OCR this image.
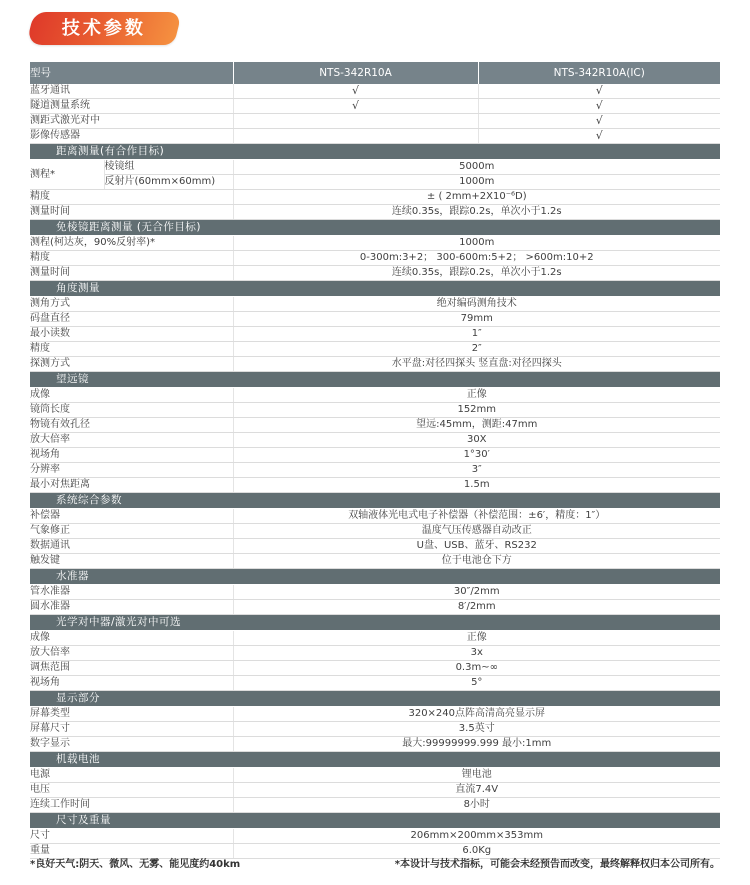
技术参数
型号		NTS-342R10A	NTS-342R10A(IC)
蓝牙通讯		√	√
隧道测量系统		√	√
测距式激光对中			√
影像传感器			√
距离测量(有合作目标)			
测程*	棱镜组	5000m	
	反射片(60mm×60mm)	1000m	
精度		± ( 2mm+2X10⁻⁶D)	
测量时间		连续0.35s，跟踪0.2s，单次小于1.2s	
免棱镜距离测量 (无合作目标)			
测程(柯达灰，90%反射率)*		1000m	
精度		0-300m:3+2； 300-600m:5+2； >600m:10+2	
测量时间		连续0.35s，跟踪0.2s，单次小于1.2s	
角度测量			
测角方式		绝对编码测角技术	
码盘直径		79mm	
最小读数		1″	
精度		2″	
探测方式		水平盘:对径四探头 竖直盘:对径四探头	
望远镜			
成像		正像	
镜筒长度		152mm	
物镜有效孔径		望远:45mm，测距:47mm	
放大倍率		30X	
视场角		1°30′	
分辨率		3″	
最小对焦距离		1.5m	
系统综合参数			
补偿器		双轴液体光电式电子补偿器（补偿范围：±6′，精度：1″）	
气象修正		温度气压传感器自动改正	
数据通讯		U盘、USB、蓝牙、RS232	
触发键		位于电池仓下方	
水准器			
管水准器		30″/2mm	
圆水准器		8′/2mm	
光学对中器/激光对中可选			
成像		正像	
放大倍率		3x	
调焦范围		0.3m~∞	
视场角		5°	
显示部分			
屏幕类型		320×240点阵高清高亮显示屏	
屏幕尺寸		3.5英寸	
数字显示		最大:99999999.999 最小:1mm	
机载电池			
电源		锂电池	
电压		直流7.4V	
连续工作时间		8小时	
尺寸及重量			
尺寸		206mm×200mm×353mm	
重量		6.0Kg	
*良好天气:阴天、微风、无雾、能见度约40km	*本设计与技术指标，可能会未经预告而改变，最终解释权归本公司所有。
